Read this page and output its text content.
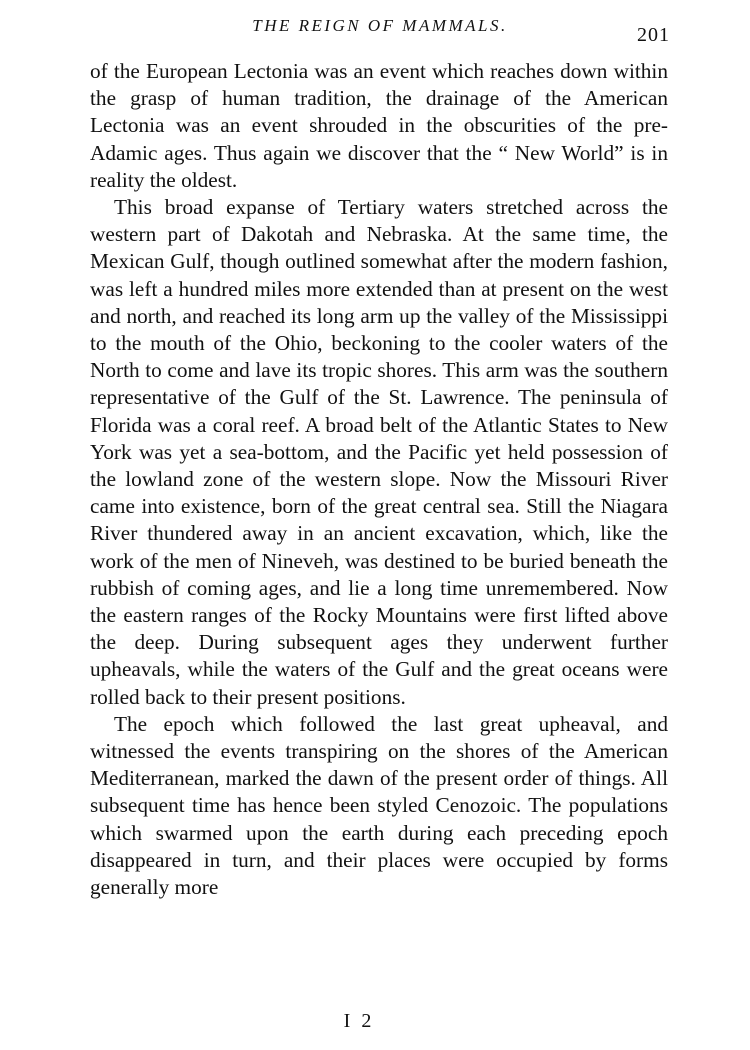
THE REIGN OF MAMMALS.	201

of the European Lectonia was an event which reaches down within the grasp of human tradition, the drainage of the American Lectonia was an event shrouded in the obscurities of the pre-Adamic ages. Thus again we discover that the “ New World” is in reality the oldest.

This broad expanse of Tertiary waters stretched across the western part of Dakotah and Nebraska. At the same time, the Mexican Gulf, though outlined somewhat after the modern fashion, was left a hundred miles more extended than at present on the west and north, and reached its long arm up the valley of the Mississippi to the mouth of the Ohio, beckoning to the cooler waters of the North to come and lave its tropic shores. This arm was the southern representative of the Gulf of the St. Lawrence. The peninsula of Florida was a coral reef. A broad belt of the Atlantic States to New York was yet a sea-bottom, and the Pacific yet held possession of the lowland zone of the western slope. Now the Missouri River came into existence, born of the great central sea. Still the Niagara River thundered away in an ancient excavation, which, like the work of the men of Nineveh, was destined to be buried beneath the rubbish of coming ages, and lie a long time unremembered. Now the eastern ranges of the Rocky Mountains were first lifted above the deep. During subsequent ages they underwent further upheavals, while the waters of the Gulf and the great oceans were rolled back to their present positions.

The epoch which followed the last great upheaval, and witnessed the events transpiring on the shores of the American Mediterranean, marked the dawn of the present order of things. All subsequent time has hence been styled Cenozoic. The populations which swarmed upon the earth during each preceding epoch disappeared in turn, and their places were occupied by forms generally more

I 2
